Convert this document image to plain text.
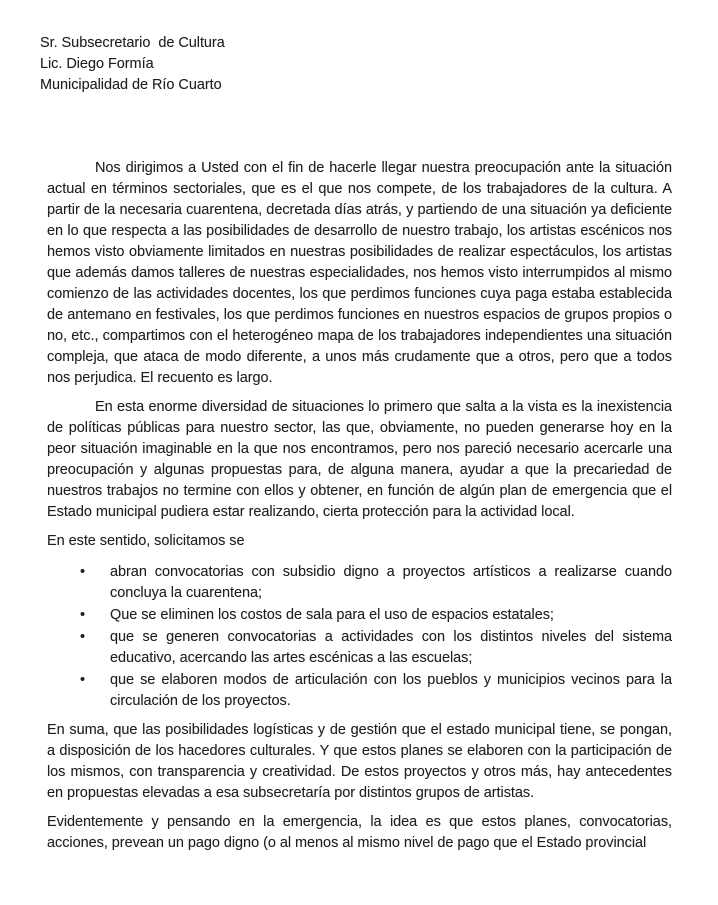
Sr. Subsecretario  de Cultura
Lic. Diego Formía
Municipalidad de Río Cuarto

Nos dirigimos a Usted con el fin de hacerle llegar nuestra preocupación ante la situación actual en términos sectoriales, que es el que nos compete, de los trabajadores de la cultura. A partir de la necesaria cuarentena, decretada días atrás, y partiendo de una situación ya deficiente en lo que respecta a las posibilidades de desarrollo de nuestro trabajo, los artistas escénicos nos hemos visto obviamente limitados en nuestras posibilidades de realizar espectáculos, los artistas que además damos talleres de nuestras especialidades, nos hemos visto interrumpidos al mismo comienzo de las actividades docentes, los que perdimos funciones cuya paga estaba establecida de antemano en festivales, los que perdimos funciones en nuestros espacios de grupos propios o no, etc., compartimos con el heterogéneo mapa de los trabajadores independientes una situación compleja, que ataca de modo diferente, a unos más crudamente que a otros, pero que a todos nos perjudica. El recuento es largo.

En esta enorme diversidad de situaciones lo primero que salta a la vista es la inexistencia de políticas públicas para nuestro sector, las que, obviamente, no pueden generarse hoy en la peor situación imaginable en la que nos encontramos, pero nos pareció necesario acercarle una preocupación y algunas propuestas para, de alguna manera, ayudar a que la precariedad de nuestros trabajos no termine con ellos y obtener, en función de algún plan de emergencia que el Estado municipal pudiera estar realizando, cierta protección para la actividad local.

En este sentido, solicitamos se

• abran convocatorias con subsidio digno a proyectos artísticos a realizarse cuando concluya la cuarentena;
• Que se eliminen los costos de sala para el uso de espacios estatales;
• que se generen convocatorias a actividades con los distintos niveles del sistema educativo, acercando las artes escénicas a las escuelas;
• que se elaboren modos de articulación con los pueblos y municipios vecinos para la circulación de los proyectos.

En suma, que las posibilidades logísticas y de gestión que el estado municipal tiene, se pongan, a disposición de los hacedores culturales. Y que estos planes se elaboren con la participación de los mismos, con transparencia y creatividad. De estos proyectos y otros más, hay antecedentes en propuestas elevadas a esa subsecretaría por distintos grupos de artistas.

Evidentemente y pensando en la emergencia, la idea es que estos planes, convocatorias, acciones, prevean un pago digno (o al menos al mismo nivel de pago que el Estado provincial
